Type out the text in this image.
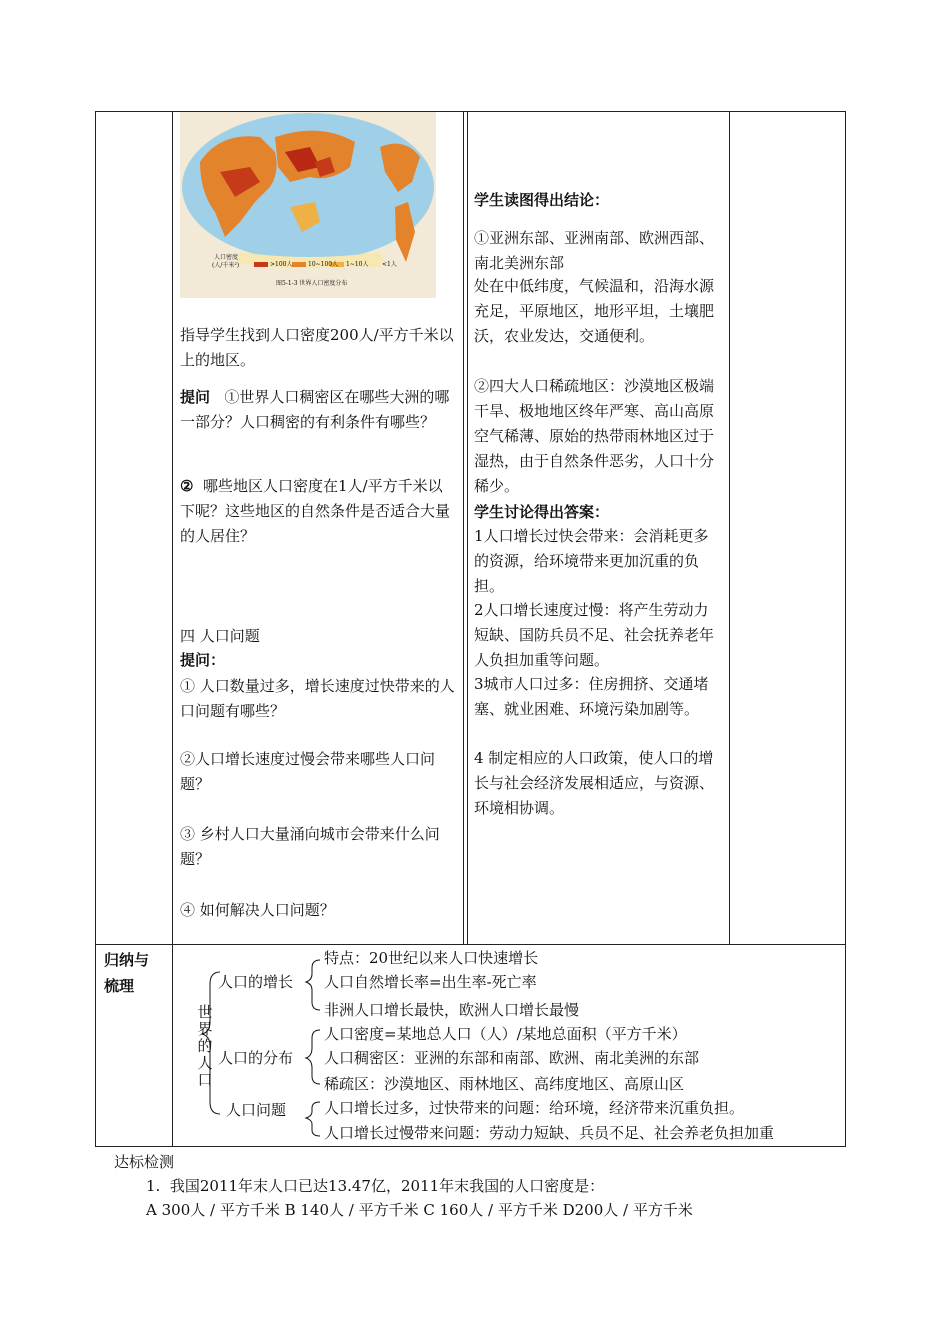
人口密度
(人/千米²)	>100人	10~100人 1~10人 <1人
图5-1-3 世界人口密度分布
指导学生找到人口密度200人/平方千米以上的地区。
提问 ①世界人口稠密区在哪些大洲的哪一部分？人口稠密的有利条件有哪些？
② 哪些地区人口密度在1人/平方千米以下呢？这些地区的自然条件是否适合大量的人居住？
四 人口问题
提问：
① 人口数量过多，增长速度过快带来的人口问题有哪些？
②人口增长速度过慢会带来哪些人口问题？
③ 乡村人口大量涌向城市会带来什么问题？
④ 如何解决人口问题？
学生读图得出结论：
①亚洲东部、亚洲南部、欧洲西部、南北美洲东部
处在中低纬度，气候温和，沿海水源充足，平原地区，地形平坦，土壤肥沃，农业发达，交通便利。
②四大人口稀疏地区：沙漠地区极端干旱、极地地区终年严寒、高山高原空气稀薄、原始的热带雨林地区过于湿热，由于自然条件恶劣，人口十分稀少。
学生讨论得出答案：
1人口增长过快会带来：会消耗更多的资源，给环境带来更加沉重的负担。
2人口增长速度过慢：将产生劳动力短缺、国防兵员不足、社会抚养老年人负担加重等问题。
3城市人口过多：住房拥挤、交通堵塞、就业困难、环境污染加剧等。
4 制定相应的人口政策，使人口的增长与社会经济发展相适应，与资源、环境相协调。
归纳与
梳理
世
界
的
人
口
人口的增长
特点：20世纪以来人口快速增长
人口自然增长率=出生率-死亡率
非洲人口增长最快，欧洲人口增长最慢
人口的分布
人口密度=某地总人口（人）/某地总面积（平方千米）
人口稠密区：亚洲的东部和南部、欧洲、南北美洲的东部
稀疏区：沙漠地区、雨林地区、高纬度地区、高原山区
人口问题	人口增长过多，过快带来的问题：给环境，经济带来沉重负担。
人口增长过慢带来问题：劳动力短缺、兵员不足、社会养老负担加重
达标检测
1. 我国2011年末人口已达13.47亿，2011年末我国的人口密度是：
A 300人 / 平方千米 B 140人 / 平方千米 C 160人 / 平方千米 D200人 / 平方千米
